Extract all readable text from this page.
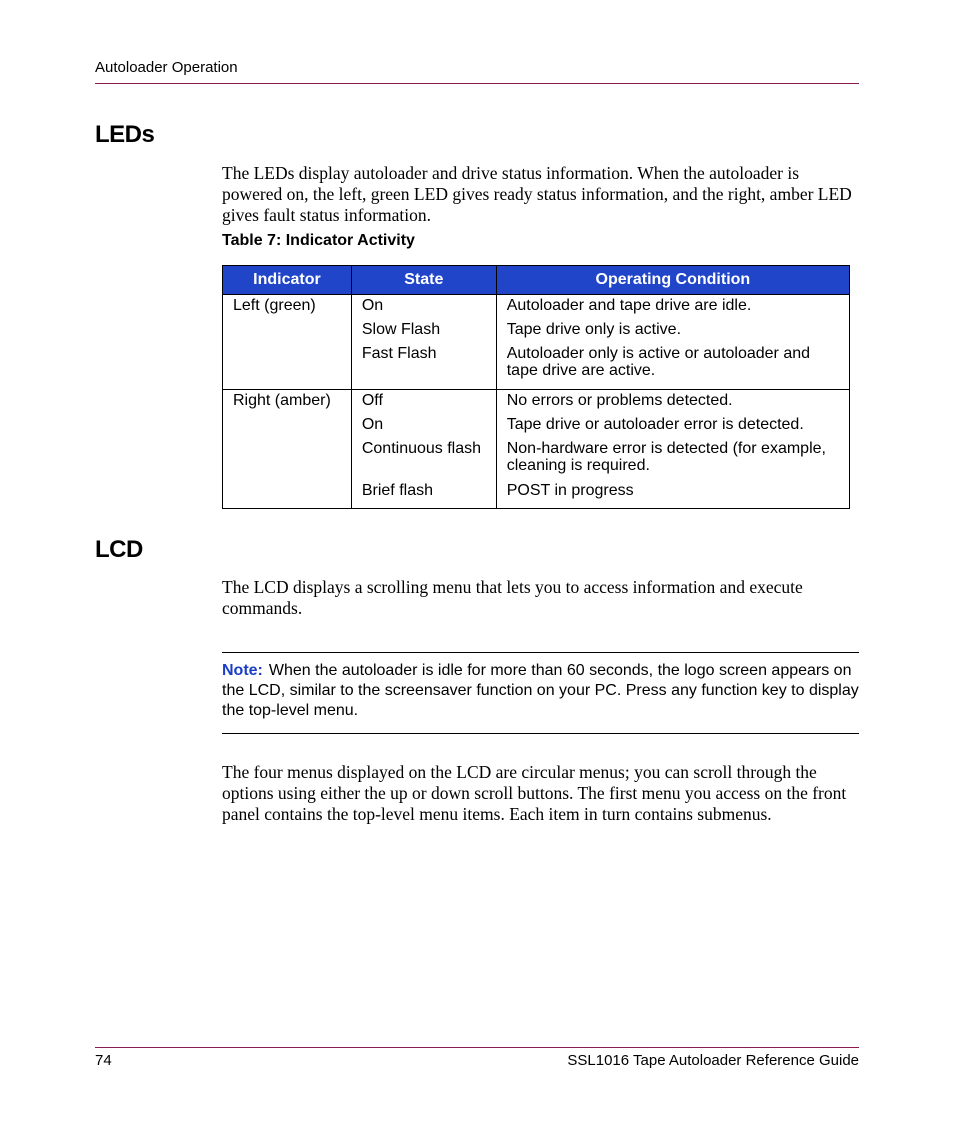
Autoloader Operation
LEDs
The LEDs display autoloader and drive status information. When the autoloader is powered on, the left, green LED gives ready status information, and the right, amber LED gives fault status information.
Table 7: Indicator Activity
Indicator	State	Operating Condition
Left (green)	On	Autoloader and tape drive are idle.
	Slow Flash	Tape drive only is active.
	Fast Flash	Autoloader only is active or autoloader and tape drive are active.
Right (amber)	Off	No errors or problems detected.
	On	Tape drive or autoloader error is detected.
	Continuous flash	Non-hardware error is detected (for example, cleaning is required.
	Brief flash	POST in progress
LCD
The LCD displays a scrolling menu that lets you to access information and execute commands.
Note: When the autoloader is idle for more than 60 seconds, the logo screen appears on the LCD, similar to the screensaver function on your PC. Press any function key to display the top-level menu.
The four menus displayed on the LCD are circular menus; you can scroll through the options using either the up or down scroll buttons. The first menu you access on the front panel contains the top-level menu items. Each item in turn contains submenus.
74	SSL1016 Tape Autoloader Reference Guide
